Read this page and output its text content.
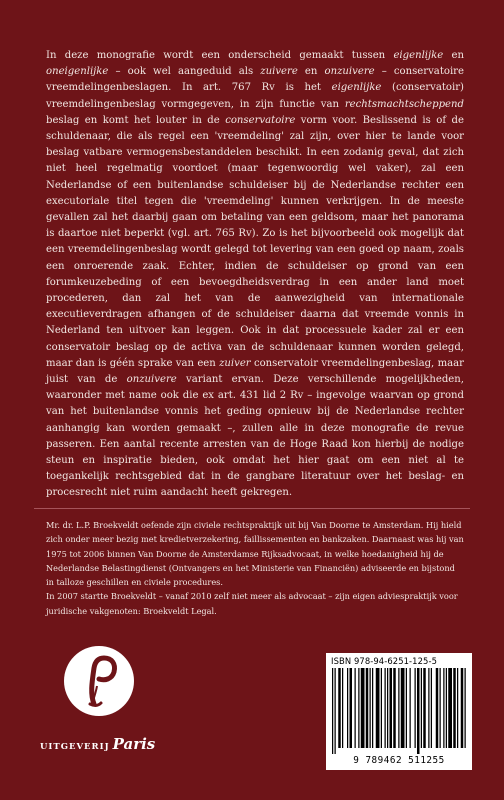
In deze monografie wordt een onderscheid gemaakt tussen eigenlijke en oneigenlijke – ook wel aangeduid als zuivere en onzuivere – conservatoire vreemdelingenbeslagen. In art. 767 Rv is het eigenlijke (conservatoir) vreemdelingenbeslag vormgegeven, in zijn functie van rechtsmachtscheppend beslag en komt het louter in de conservatoire vorm voor. Beslissend is of de schuldenaar, die als regel een 'vreemdeling' zal zijn, over hier te lande voor beslag vatbare vermogensbestanddelen beschikt. In een zodanig geval, dat zich niet heel regelmatig voordoet (maar tegenwoordig wel vaker), zal een Nederlandse of een buitenlandse schuldeiser bij de Nederlandse rechter een executoriale titel tegen die 'vreemdeling' kunnen verkrijgen. In de meeste gevallen zal het daarbij gaan om betaling van een geldsom, maar het panorama is daartoe niet beperkt (vgl. art. 765 Rv). Zo is het bijvoorbeeld ook mogelijk dat een vreemdelingenbeslag wordt gelegd tot levering van een goed op naam, zoals een onroerende zaak. Echter, indien de schuldeiser op grond van een forumkeuzebeding of een bevoegdheidsverdrag in een ander land moet procederen, dan zal het van de aanwezigheid van internationale executieverdragen afhangen of de schuldeiser daarna dat vreemde vonnis in Nederland ten uitvoer kan leggen. Ook in dat processuele kader zal er een conservatoir beslag op de activa van de schuldenaar kunnen worden gelegd, maar dan is géén sprake van een zuiver conservatoir vreemdelingenbeslag, maar juist van de onzuivere variant ervan. Deze verschillende mogelijkheden, waaronder met name ook die ex art. 431 lid 2 Rv – ingevolge waarvan op grond van het buitenlandse vonnis het geding opnieuw bij de Nederlandse rechter aanhangig kan worden gemaakt –, zullen alle in deze monografie de revue passeren. Een aantal recente arresten van de Hoge Raad kon hierbij de nodige steun en inspiratie bieden, ook omdat het hier gaat om een niet al te toegankelijk rechtsgebied dat in de gangbare literatuur over het beslag- en procesrecht niet ruim aandacht heeft gekregen.

Mr. dr. L.P. Broekveldt oefende zijn civiele rechtspraktijk uit bij Van Doorne te Amsterdam. Hij hield zich onder meer bezig met kredietverzekering, faillissementen en bankzaken. Daarnaast was hij van 1975 tot 2006 binnen Van Doorne de Amsterdamse Rijksadvocaat, in welke hoedanigheid hij de Nederlandse Belastingdienst (Ontvangers en het Ministerie van Financiën) adviseerde en bijstond in talloze geschillen en civiele procedures.

In 2007 startte Broekveldt – vanaf 2010 zelf niet meer als advocaat – zijn eigen adviespraktijk voor juridische vakgenoten: Broekveldt Legal.

UITGEVERIJ Paris
ISBN 978-94-6251-125-5
9 789462 511255
